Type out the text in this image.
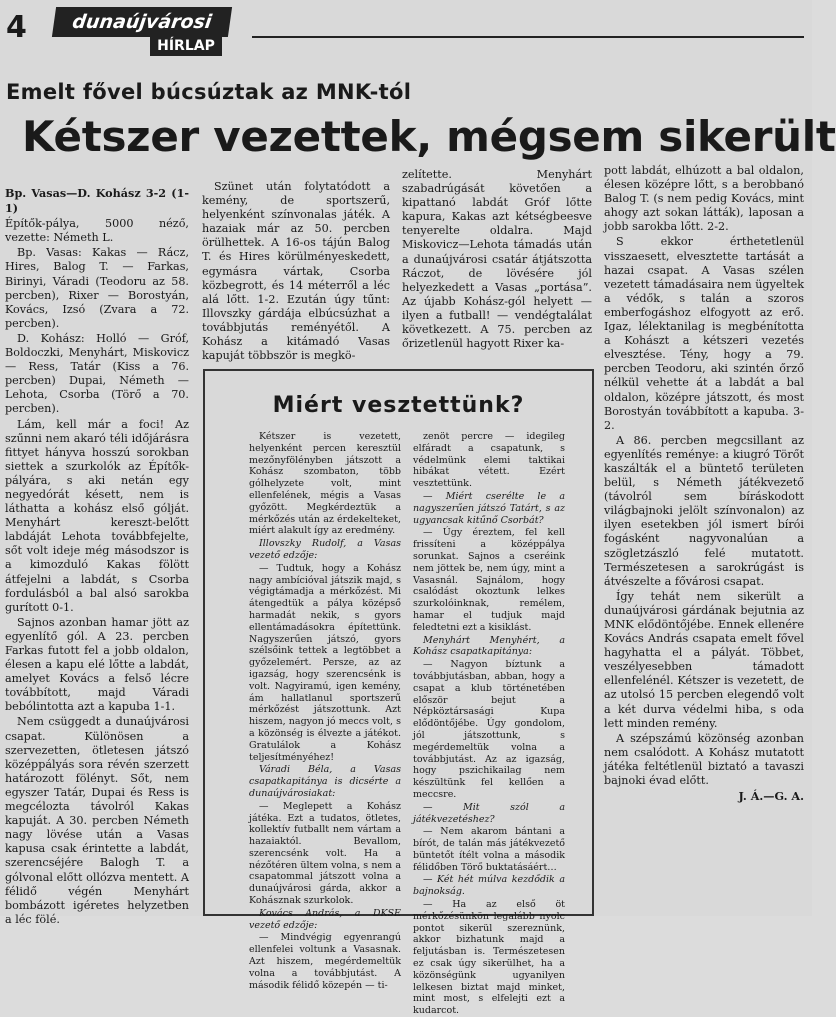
4	dunaújvárosi
HÍRLAP
Emelt fővel búcsúztak az MNK-tól
Kétszer vezettek, mégsem sikerült

Bp. Vasas—D. Kohász 3-2 (1-1)

Építők-pálya, 5000 néző, vezette: Németh L.

Bp. Vasas: Kakas — Rácz, Hires, Balog T. — Farkas, Birinyi, Váradi (Teodoru az 58. percben), Rixer — Borostyán, Kovács, Izsó (Zvara a 72. percben).

D. Kohász: Holló — Gróf, Boldoczki, Menyhárt, Miskovicz — Ress, Tatár (Kiss a 76. percben) Dupai, Németh — Lehota, Csorba (Törő a 70. percben).

Lám, kell már a foci! Az szűnni nem akaró téli időjárásra fittyet hányva hosszú sorokban siettek a szurkolók az Építők-pályára, s aki netán egy negyedórát késett, nem is láthatta a kohász első gólját. Menyhárt kereszt-belőtt labdáját Lehota továbbfejelte, sőt volt ideje még másodszor is a kimozduló Kakas fölött átfejelni a labdát, s Csorba fordulásból a bal alsó sarokba gurított 0-1.

Sajnos azonban hamar jött az egyenlítő gól. A 23. percben Farkas futott fel a jobb oldalon, élesen a kapu elé lőtte a labdát, amelyet Kovács a felső lécre továbbított, majd Váradi bebólintotta azt a kapuba 1-1.

Nem csüggedt a dunaújvárosi csapat. Különösen a szervezetten, ötletesen játszó középpályás sora révén szerzett határozott fölényt. Sőt, nem egyszer Tatár, Dupai és Ress is megcélozta távolról Kakas kapuját. A 30. percben Németh nagy lövése után a Vasas kapusa csak érintette a labdát, szerencséjére Balogh T. a gólvonal előtt ollózva mentett. A félidő végén Menyhárt bombázott igéretes helyzetben a léc fölé.

Szünet után folytatódott a kemény, de sportszerű, helyenként színvonalas játék. A hazaiak már az 50. percben örülhettek. A 16-os tájún Balog T. és Hires körülményeskedett, egymásra vártak, Csorba közbegrott, és 14 méterről a léc alá lőtt. 1-2. Ezután úgy tűnt: Illovszky gárdája elbúcsúzhat a továbbjutás reményétől. A Kohász a kitámadó Vasas kapuját többször is megkö-

zelítette. Menyhárt szabadrúgását követően a kipattanó labdát Gróf lőtte kapura, Kakas azt kétségbeesve tenyerelte oldalra. Majd Miskovicz—Lehota támadás után a dunaújvárosi csatár átjátszotta Ráczot, de lövésére jól helyezkedett a Vasas „portása”. Az újabb Kohász-gól helyett — ilyen a futball! — vendégtalálat következett. A 75. percben az őrizetlenül hagyott Rixer ka-

pott labdát, elhúzott a bal oldalon, élesen középre lőtt, s a berobbanó Balog T. (s nem pedig Kovács, mint ahogy azt sokan látták), laposan a jobb sarokba lőtt. 2-2.

S ekkor érthetetlenül visszaesett, elvesztette tartását a hazai csapat. A Vasas szélen vezetett támadásaira nem ügyeltek a védők, s talán a szoros emberfogáshoz elfogyott az erő. Igaz, lélektanilag is megbénította a Kohászt a kétszeri vezetés elvesztése. Tény, hogy a 79. percben Teodoru, aki szintén őrző nélkül vehette át a labdát a bal oldalon, középre játszott, és most Borostyán továbbított a kapuba. 3-2.

A 86. percben megcsillant az egyenlítés reménye: a kiugró Törőt kaszálták el a büntető területen belül, s Németh játékvezető (távolról sem bíráskodott világbajnoki jelölt színvonalon) az ilyen esetekben jól ismert bírói fogásként nagyvonalúan a szögletzászló felé mutatott. Természetesen a sarokrúgást is átvészelte a fővárosi csapat.

Így tehát nem sikerült a dunaújvárosi gárdának bejutnia az MNK elődöntőjébe. Ennek ellenére Kovács András csapata emelt fővel hagyhatta el a pályát. Többet, veszélyesebben támadott ellenfelénél. Kétszer is vezetett, de az utolsó 15 percben elegendő volt a két durva védelmi hiba, s oda lett minden remény.

A szépszámú közönség azonban nem csalódott. A Kohász mutatott játéka feltétlenül biztató a tavaszi bajnoki évad előtt.

J. Á.—G. A.

Miért vesztettünk?

Kétszer is vezetett, helyenként percen keresztül mezőnyfölényben játszott a Kohász szombaton, több gólhelyzete volt, mint ellenfelének, mégis a Vasas győzött. Megkérdeztük a mérkőzés után az érdekelteket, miért alakult így az eredmény.

Illovszky Rudolf, a Vasas vezető edzője:

— Tudtuk, hogy a Kohász nagy ambícióval játszik majd, s végigtámadja a mérkőzést. Mi átengedtük a pálya középső harmadát nekik, s gyors ellentámadásokra építettünk. Nagyszerűen játszó, gyors szélsőink tettek a legtöbbet a győzelemért. Persze, az az igazság, hogy szerencsénk is volt. Nagyiramú, igen kemény, ám hallatlanul sportszerű mérkőzést játszottunk. Azt hiszem, nagyon jó meccs volt, s a közönség is élvezte a játékot. Gratulálok a Kohász teljesítményéhez!

Váradi Béla, a Vasas csapatkapitánya is dicsérte a dunaújvárosiakat:

— Meglepett a Kohász játéka. Ezt a tudatos, ötletes, kollektív futballt nem vártam a hazaiaktól. Bevallom, szerencsénk volt. Ha a nézőtéren ültem volna, s nem a csapatommal játszott volna a dunaújvárosi gárda, akkor a Kohásznak szurkolok.

Kovács András, a DKSE vezető edzője:

— Mindvégig egyenrangú ellenfelei voltunk a Vasasnak. Azt hiszem, megérdemeltük volna a továbbjutást. A második félidő közepén — ti-

zenöt percre — idegileg elfáradt a csapatunk, s védelmünk elemi taktikai hibákat vétett. Ezért vesztettünk.

— Miért cserélte le a nagyszerűen játszó Tatárt, s az ugyancsak kitűnő Csorbát?

— Úgy éreztem, fel kell frissíteni a középpálya sorunkat. Sajnos a cseréink nem jöttek be, nem úgy, mint a Vasasnál. Sajnálom, hogy csalódást okoztunk lelkes szurkolóinknak, remélem, hamar el tudjuk majd feledtetni ezt a kisiklást.

Menyhárt Menyhért, a Kohász csapatkapitánya:

— Nagyon bíztunk a továbbjutásban, abban, hogy a csapat a klub történetében először bejut a Népköztársasági Kupa elődöntőjébe. Úgy gondolom, jól játszottunk, s megérdemeltük volna a továbbjutást. Az az igazság, hogy pszichikailag nem készültünk fel kellően a meccsre.

— Mit szól a játékvezetéshez?

— Nem akarom bántani a bírót, de talán más játékvezető büntetőt ítélt volna a második félidőben Törő buktatásáért…

— Két hét múlva kezdődik a bajnokság.

— Ha az első öt mérkőzésünkön legalább nyolc pontot sikerül szereznünk, akkor bizhatunk majd a feljutásban is. Természetesen ez csak úgy sikerülhet, ha a közönségünk ugyanilyen lelkesen biztat majd minket, mint most, s elfelejti ezt a kudarcot.
